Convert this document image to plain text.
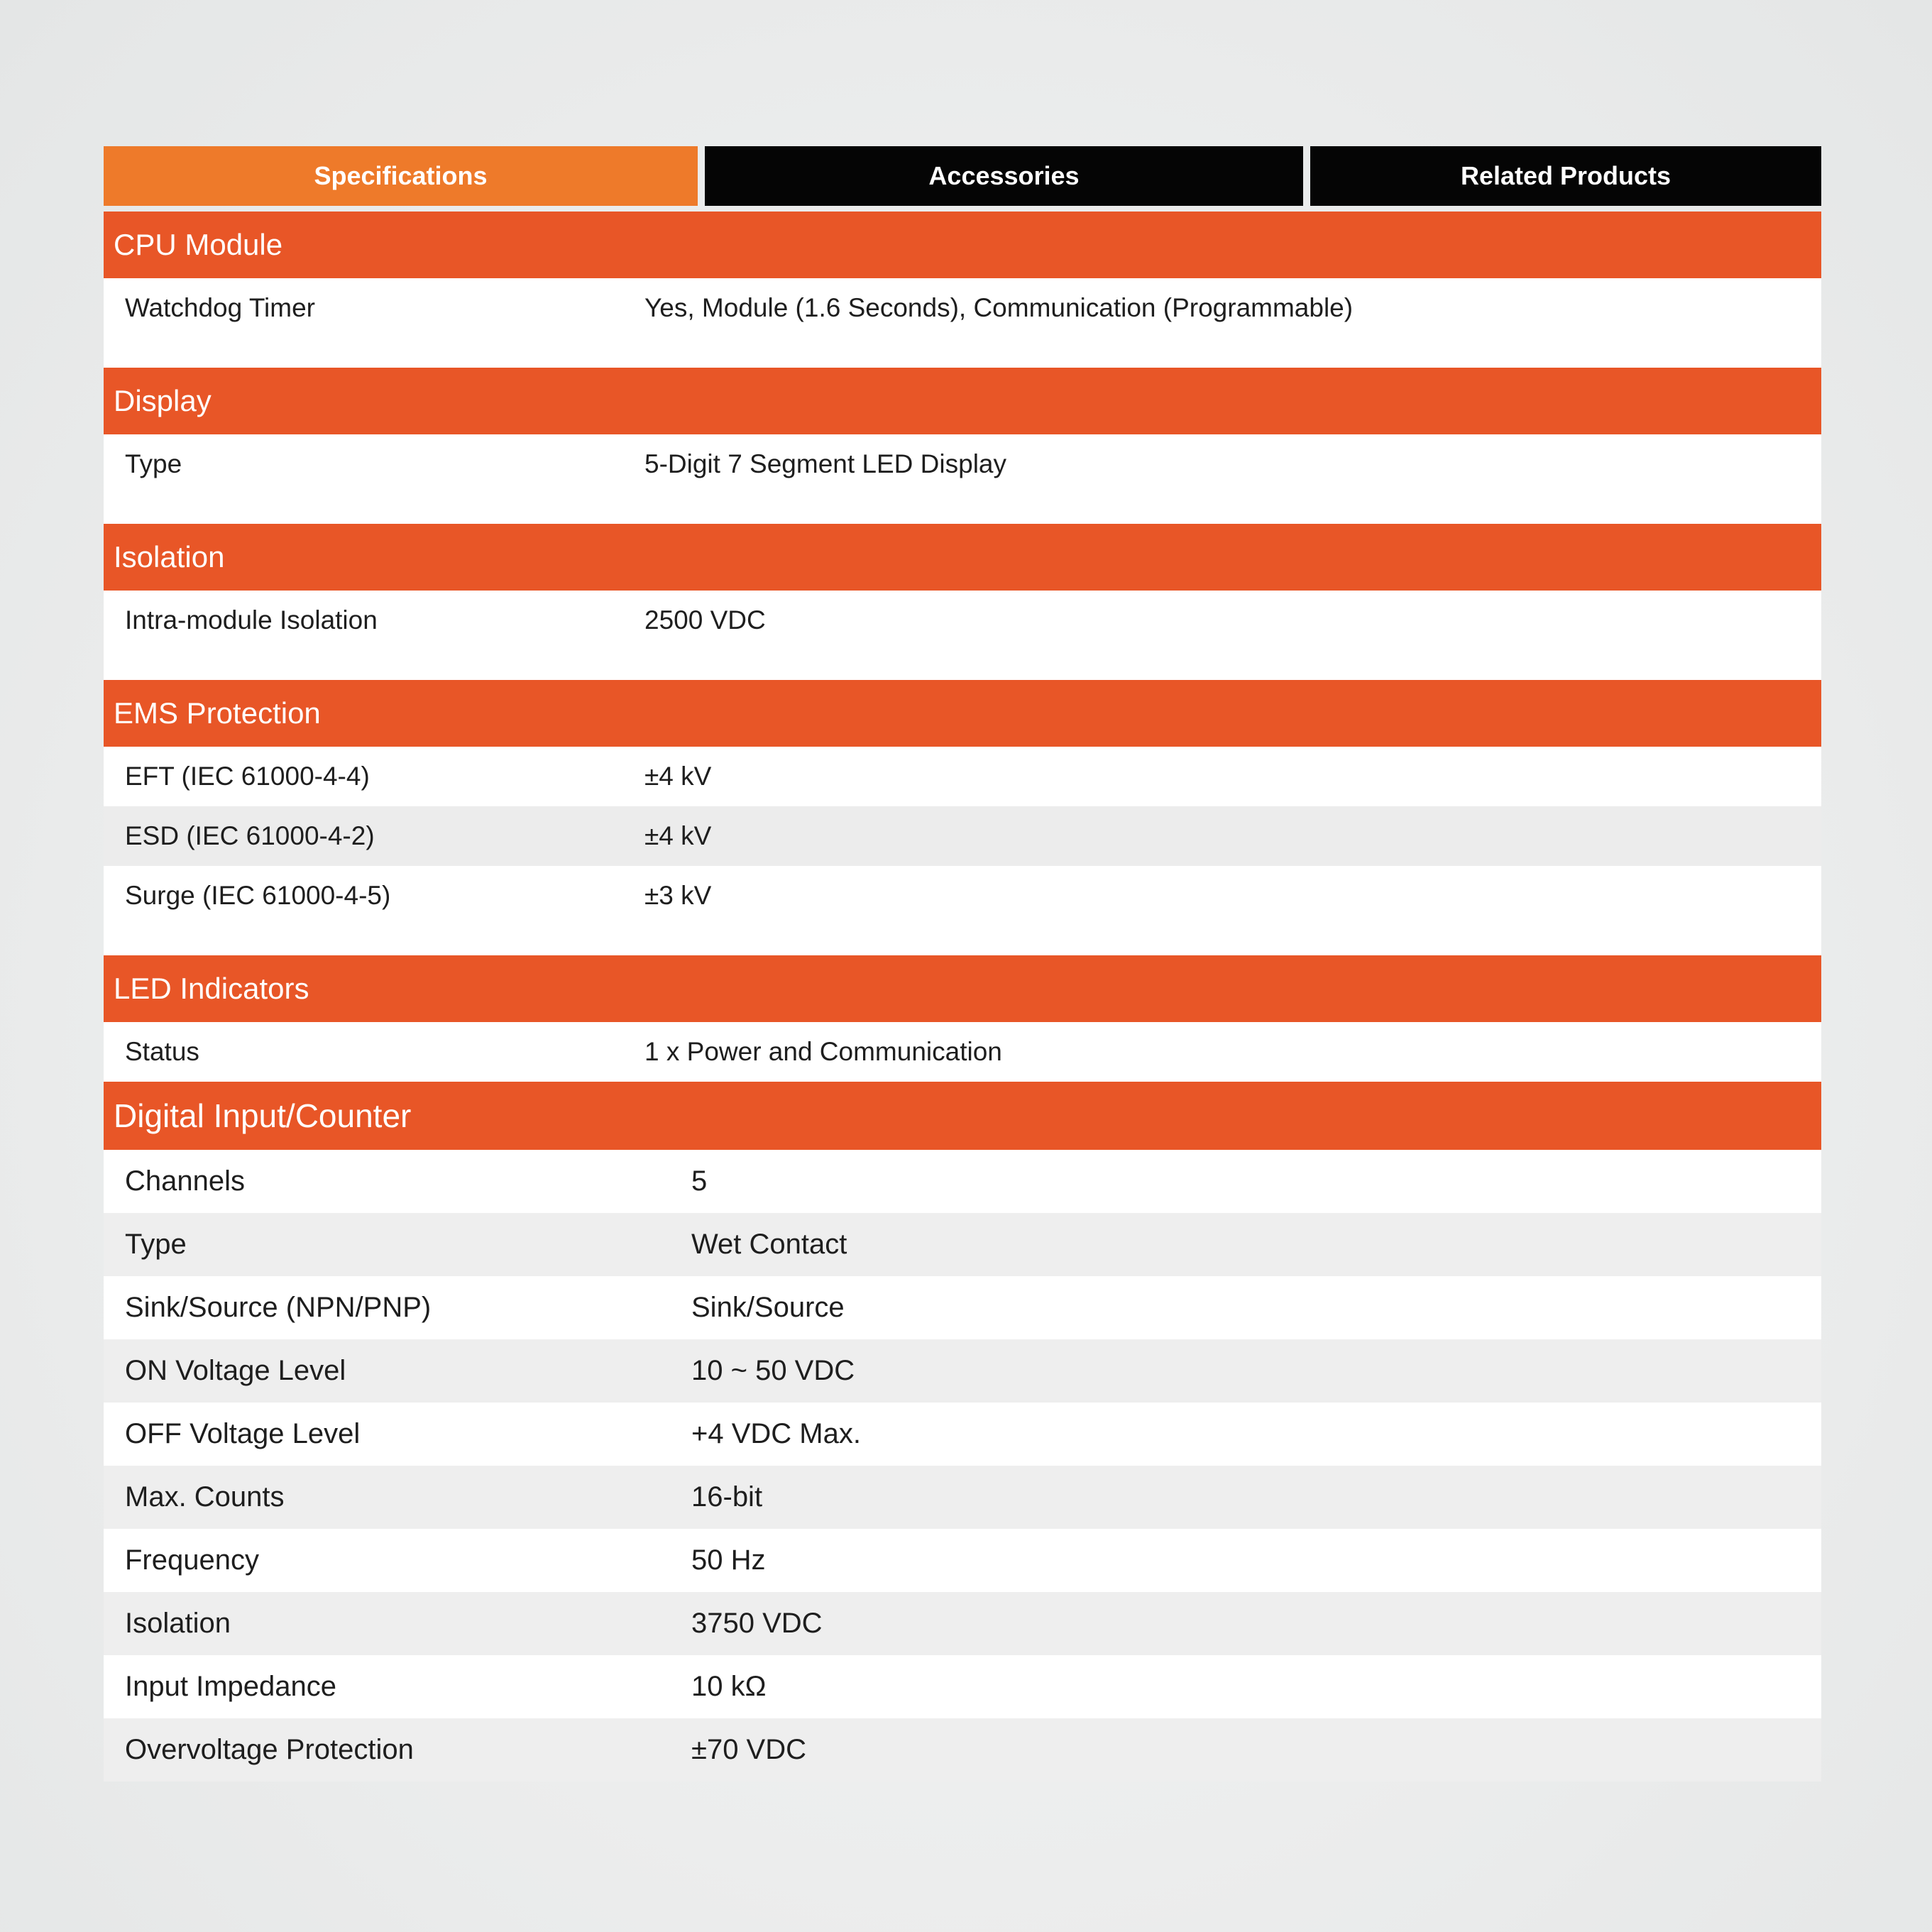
Specifications	Accessories	Related Products
CPU Module
Watchdog Timer	Yes, Module (1.6 Seconds), Communication (Programmable)
Display
Type	5-Digit 7 Segment LED Display
Isolation
Intra-module Isolation	2500 VDC
EMS Protection
EFT (IEC 61000-4-4)	±4 kV
ESD (IEC 61000-4-2)	±4 kV
Surge (IEC 61000-4-5)	±3 kV
LED Indicators
Status	1 x Power and Communication
Digital Input/Counter
Channels	5
Type	Wet Contact
Sink/Source (NPN/PNP)	Sink/Source
ON Voltage Level	10 ~ 50 VDC
OFF Voltage Level	+4 VDC Max.
Max. Counts	16-bit
Frequency	50 Hz
Isolation	3750 VDC
Input Impedance	10 kΩ
Overvoltage Protection	±70 VDC
